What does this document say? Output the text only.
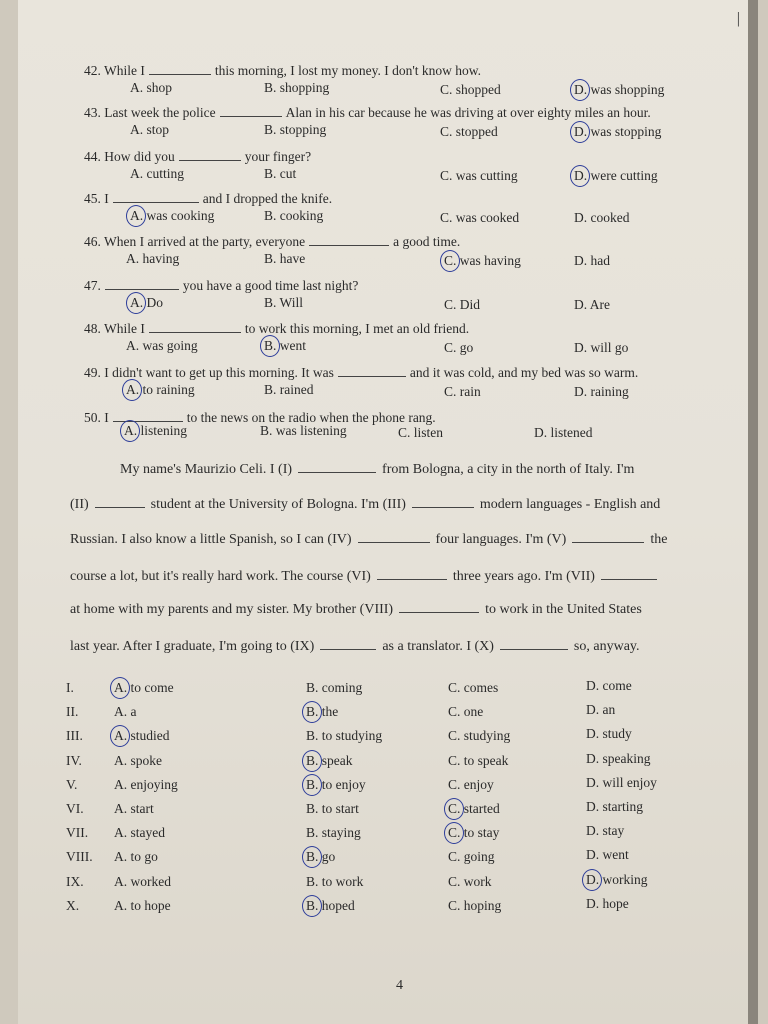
|
42. While I	this morning, I lost my money. I don't know how.
A. shop	B. shopping	C. shopped	D. was shopping
43. Last week the police	Alan in his car because he was driving at over eighty miles an hour.
A. stop	B. stopping	C. stopped	D. was stopping
44. How did you	your finger?
A. cutting	B. cut	C. was cutting	D. were cutting
45. I	and I dropped the knife.
A. was cooking	B. cooking	C. was cooked	D. cooked
46. When I arrived at the party, everyone	a good time.
A. having	B. have	C. was having	D. had
47.	you have a good time last night?
A. Do	B. Will	C. Did	D. Are
48. While I	to work this morning, I met an old friend.
A. was going	B. went	C. go	D. will go
49. I didn't want to get up this morning. It was	and it was cold, and my bed was so warm.
A. to raining	B. rained	C. rain	D. raining
50. I	to the news on the radio when the phone rang.
A. listening	B. was listening	C. listen	D. listened
My name's Maurizio Celi. I (I)	from Bologna, a city in the north of Italy. I'm
(II)	student at the University of Bologna. I'm (III)	modern languages - English and
Russian. I also know a little Spanish, so I can (IV)	four languages. I'm (V)	the
course a lot, but it's really hard work. The course (VI)	three years ago. I'm (VII)
at home with my parents and my sister. My brother (VIII)	to work in the United States
last year. After I graduate, I'm going to (IX)	as a translator. I (X)	so, anyway.
I.	A. to come	B. coming	C. comes	D. come
II.	A. a	B. the	C. one	D. an
III. A. studied	B. to studying	C. studying	D. study
IV. A. spoke	B. speak	C. to speak	D. speaking
V.	A. enjoying	B. to enjoy	C. enjoy	D. will enjoy
VI. A. start	B. to start	C. started	D. starting
VII. A. stayed	B. staying	C. to stay	D. stay
VIII. A. to go	B. go	C. going	D. went
IX. A. worked	B. to work	C. work	D. working
X.	A. to hope	B. hoped	C. hoping	D. hope
4
